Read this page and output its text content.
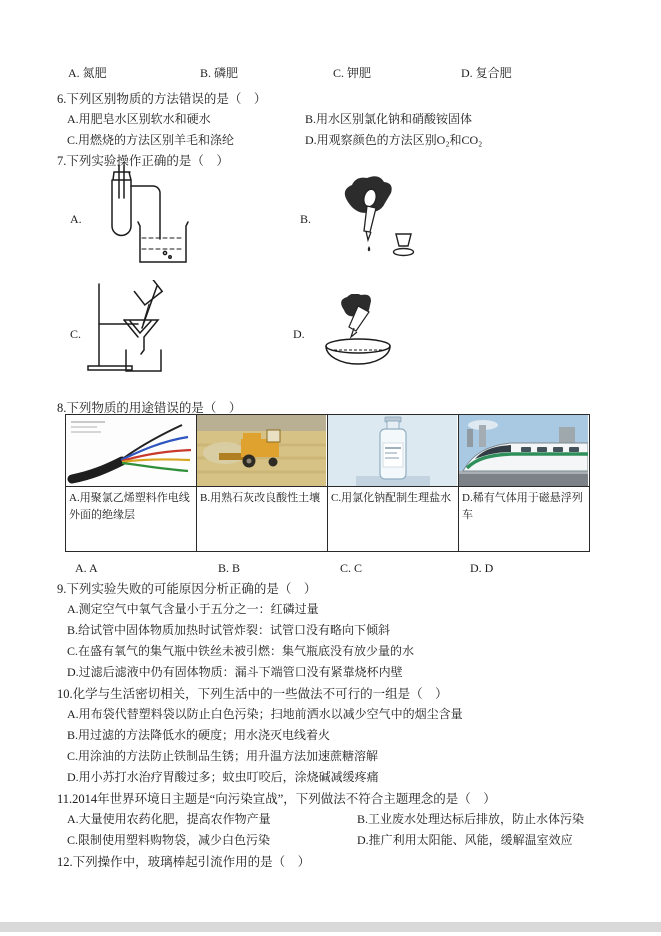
A. 氮肥	B. 磷肥	C. 钾肥	D. 复合肥
6.下列区别物质的方法错误的是（　）
A.用肥皂水区别软水和硬水	B.用水区别氯化钠和硝酸铵固体
C.用燃烧的方法区别羊毛和涤纶	D.用观察颜色的方法区别O₂和CO₂
7.下列实验操作正确的是（　）
A.	B.
C.	D.
8.下列物质的用途错误的是（　）

A.用聚氯乙烯塑料作电线外面的绝缘层	B.用熟石灰改良酸性土壤	C.用氯化钠配制生理盐水	D.稀有气体用于磁悬浮列车
A. A	B. B	C. C	D. D
9.下列实验失败的可能原因分析正确的是（　）
A.测定空气中氧气含量小于五分之一：红磷过量
B.给试管中固体物质加热时试管炸裂：试管口没有略向下倾斜
C.在盛有氧气的集气瓶中铁丝未被引燃：集气瓶底没有放少量的水
D.过滤后滤液中仍有固体物质：漏斗下端管口没有紧靠烧杯内壁
10.化学与生活密切相关，下列生活中的一些做法不可行的一组是（　）
A.用布袋代替塑料袋以防止白色污染；扫地前洒水以减少空气中的烟尘含量
B.用过滤的方法降低水的硬度；用水浇灭电线着火
C.用涂油的方法防止铁制品生锈；用升温方法加速蔗糖溶解
D.用小苏打水治疗胃酸过多；蚊虫叮咬后，涂烧碱减缓疼痛
11.2014年世界环境日主题是“向污染宣战”，下列做法不符合主题理念的是（　）
A.大量使用农药化肥，提高农作物产量	B.工业废水处理达标后排放，防止水体污染
C.限制使用塑料购物袋，减少白色污染	D.推广利用太阳能、风能，缓解温室效应
12.下列操作中，玻璃棒起引流作用的是（　）
